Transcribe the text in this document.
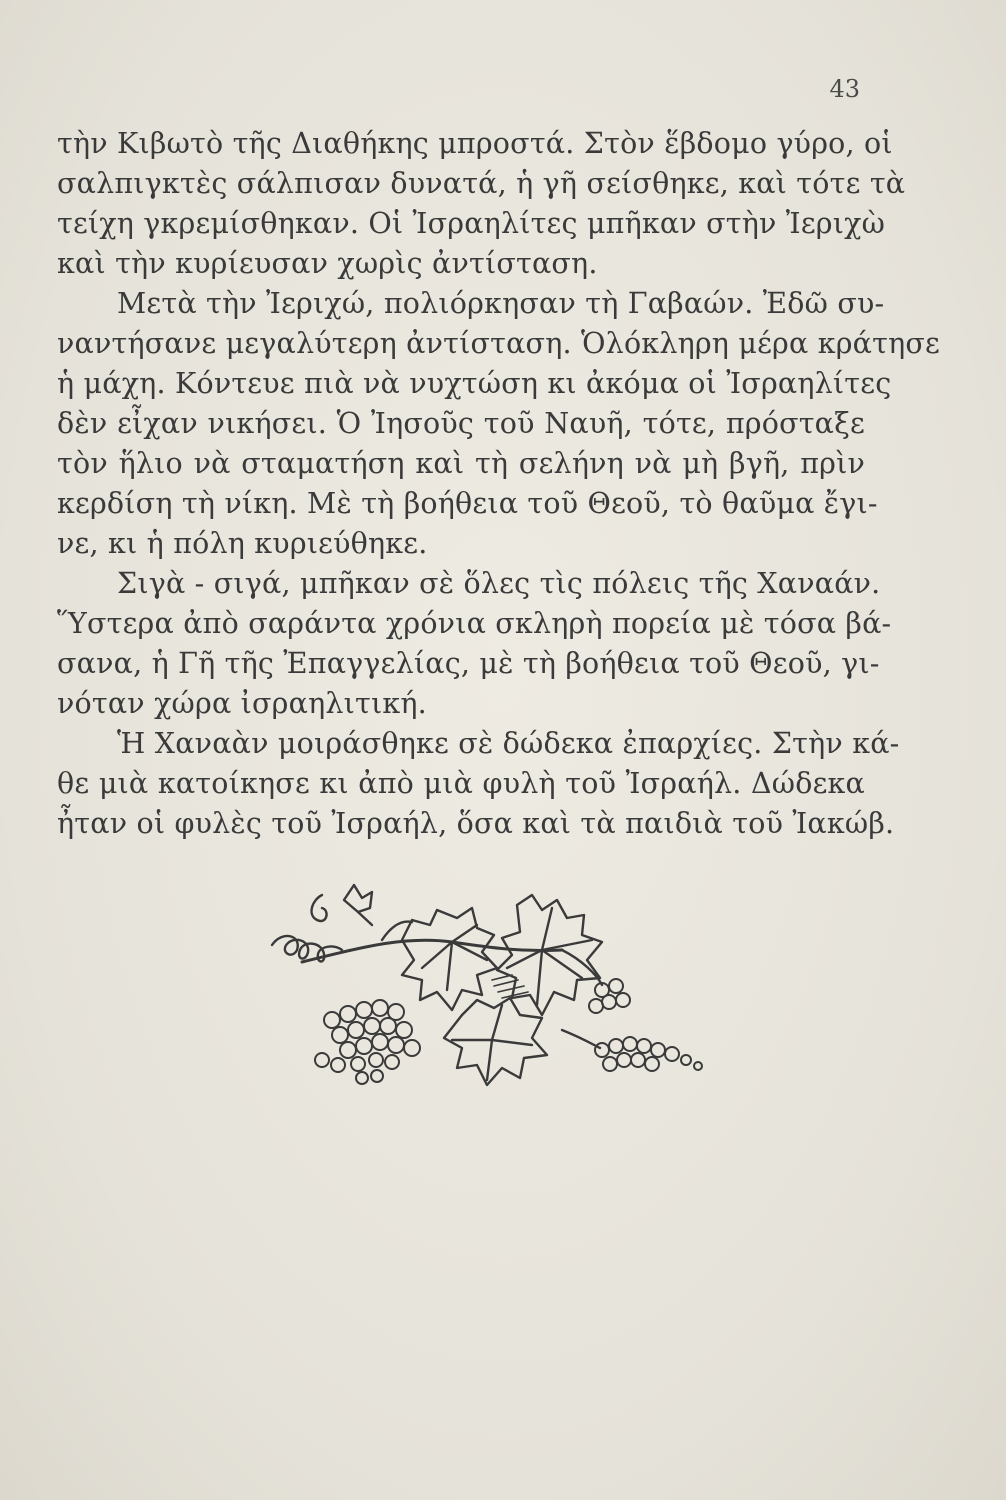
43
τὴν Κιβωτὸ τῆς Διαθήκης μπροστά. Στὸν ἕβδομο γύρο, οἱ
σαλπιγκτὲς σάλπισαν δυνατά, ἡ γῆ σείσθηκε, καὶ τότε τὰ
τείχη γκρεμίσθηκαν. Οἱ Ἰσραηλίτες μπῆκαν στὴν Ἰεριχὼ
καὶ τὴν κυρίευσαν χωρὶς ἀντίσταση.
Μετὰ τὴν Ἰεριχώ, πολιόρκησαν τὴ Γαβαών. Ἐδῶ συ-
ναντήσανε μεγαλύτερη ἀντίσταση. Ὁλόκληρη μέρα κράτησε
ἡ μάχη. Κόντευε πιὰ νὰ νυχτώση κι ἀκόμα οἱ Ἰσραηλίτες
δὲν εἶχαν νικήσει. Ὁ Ἰησοῦς τοῦ Ναυῆ, τότε, πρόσταξε
τὸν ἥλιο νὰ σταματήση καὶ τὴ σελήνη νὰ μὴ βγῆ, πρὶν
κερδίση τὴ νίκη. Μὲ τὴ βοήθεια τοῦ Θεοῦ, τὸ θαῦμα ἔγι-
νε, κι ἡ πόλη κυριεύθηκε.
Σιγὰ - σιγά, μπῆκαν σὲ ὅλες τὶς πόλεις τῆς Χαναάν.
Ὕστερα ἀπὸ σαράντα χρόνια σκληρὴ πορεία μὲ τόσα βά-
σανα, ἡ Γῆ τῆς Ἐπαγγελίας, μὲ τὴ βοήθεια τοῦ Θεοῦ, γι-
νόταν χώρα ἰσραηλιτική.
Ἡ Χαναὰν μοιράσθηκε σὲ δώδεκα ἐπαρχίες. Στὴν κά-
θε μιὰ κατοίκησε κι ἀπὸ μιὰ φυλὴ τοῦ Ἰσραήλ. Δώδεκα
ἦταν οἱ φυλὲς τοῦ Ἰσραήλ, ὅσα καὶ τὰ παιδιὰ τοῦ Ἰακώβ.
